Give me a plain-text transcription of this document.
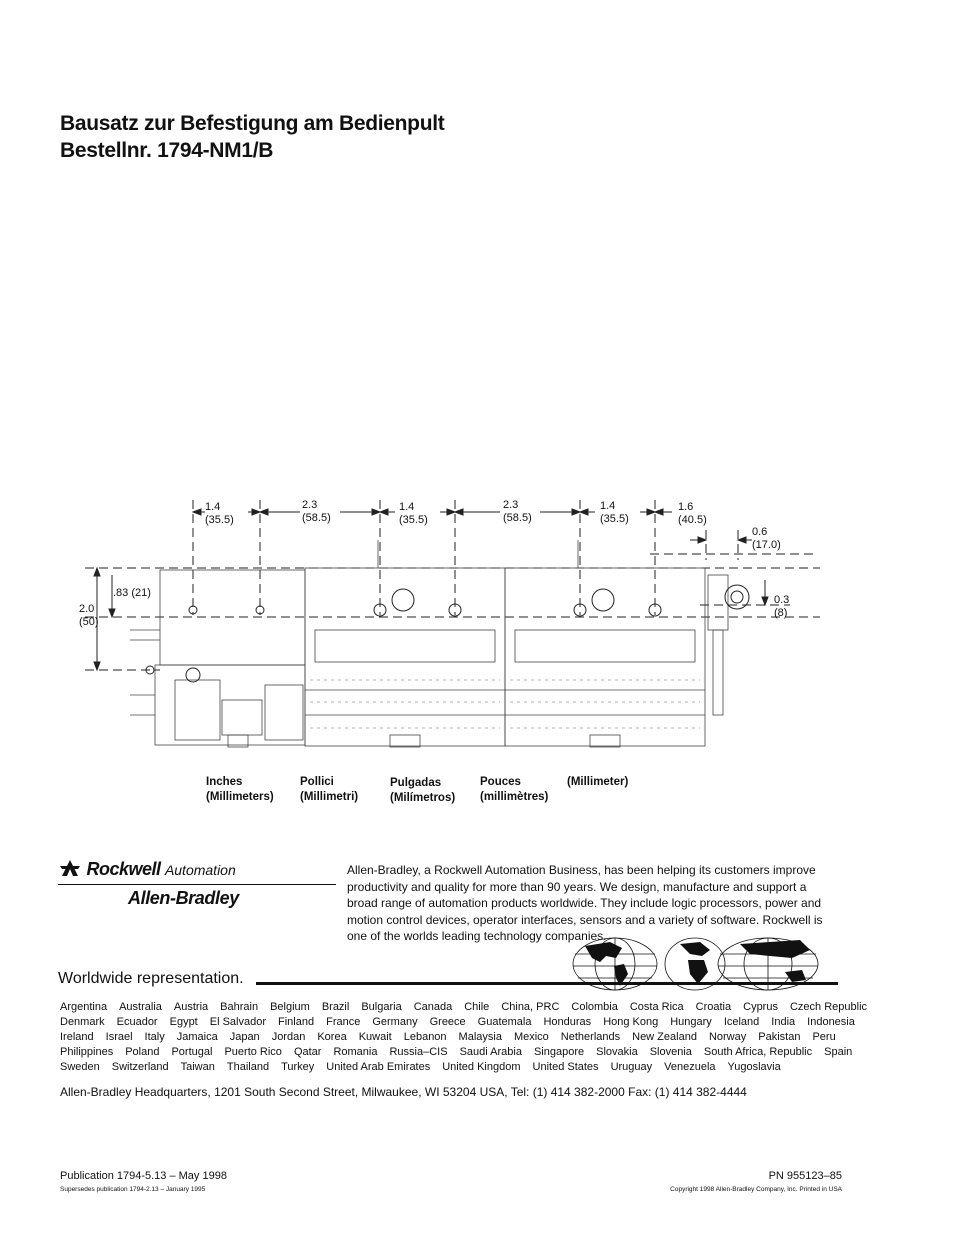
Bausatz zur Befestigung am Bedienpult
Bestellnr. 1794-NM1/B
1.4
(35.5)
2.3
(58.5)
1.4
(35.5)
2.3
(58.5)
1.4
(35.5)
1.6
(40.5)
0.6
(17.0)
.83 (21)
2.0
(50)
0.3
(8)
Inches
(Millimeters)
Pollici
(Millimetri)
Pulgadas
(Milímetros)
Pouces
(millimètres)
(Millimeter)
Rockwell Automation
Allen-Bradley
Allen-Bradley, a Rockwell Automation Business, has been helping its customers improve productivity and quality for more than 90 years. We design, manufacture and support a broad range of automation products worldwide. They include logic processors, power and motion control devices, operator interfaces, sensors and a variety of software. Rockwell is one of the worlds leading technology companies.
Worldwide representation.
Argentina Australia Austria Bahrain Belgium Brazil Bulgaria Canada Chile China, PRC Colombia Costa Rica Croatia Cyprus Czech Republic
Denmark Ecuador Egypt El Salvador Finland France Germany Greece Guatemala Honduras Hong Kong Hungary Iceland India Indonesia
Ireland Israel Italy Jamaica Japan Jordan Korea Kuwait Lebanon Malaysia Mexico Netherlands New Zealand Norway Pakistan Peru
Philippines Poland Portugal Puerto Rico Qatar Romania Russia–CIS Saudi Arabia Singapore Slovakia Slovenia South Africa, Republic Spain
Sweden Switzerland Taiwan Thailand Turkey United Arab Emirates United Kingdom United States Uruguay Venezuela Yugoslavia
Allen-Bradley Headquarters, 1201 South Second Street, Milwaukee, WI 53204 USA, Tel: (1) 414 382-2000 Fax: (1) 414 382-4444
Publication 1794-5.13 – May 1998
Supersedes publication 1794-2.13 – January 1995
PN 955123–85
Copyright 1998 Allen-Bradley Company, Inc. Printed in USA
